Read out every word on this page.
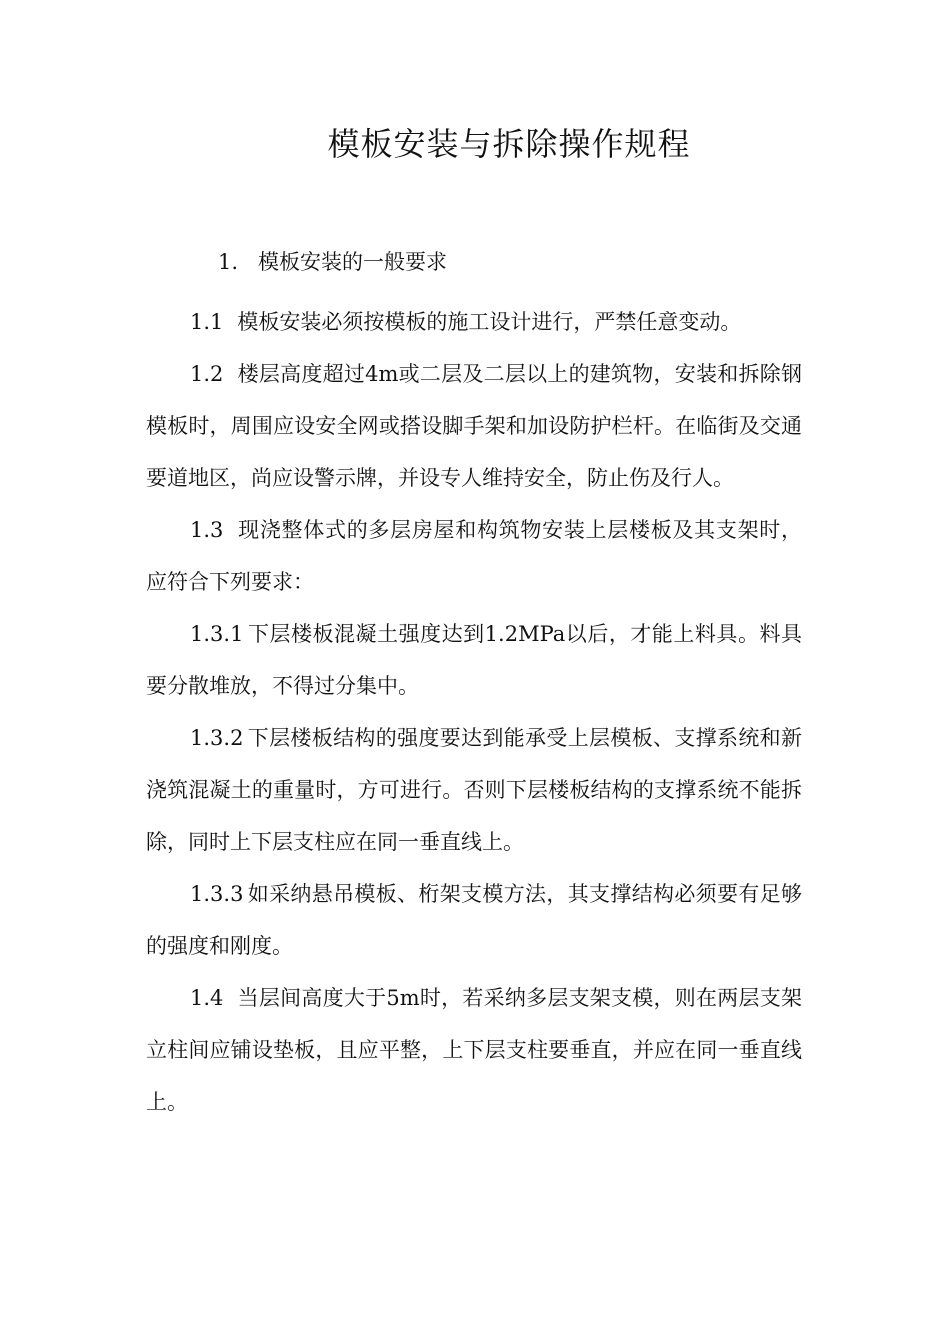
模板安装与拆除操作规程
1. 模板安装的一般要求

1.1 模板安装必须按模板的施工设计进行，严禁任意变动。

1.2 楼层高度超过4m或二层及二层以上的建筑物，安装和拆除钢模板时，周围应设安全网或搭设脚手架和加设防护栏杆。在临街及交通要道地区，尚应设警示牌，并设专人维持安全，防止伤及行人。

1.3 现浇整体式的多层房屋和构筑物安装上层楼板及其支架时，应符合下列要求：

1.3.1 下层楼板混凝土强度达到1.2MPa以后，才能上料具。料具要分散堆放，不得过分集中。

1.3.2 下层楼板结构的强度要达到能承受上层模板、支撑系统和新浇筑混凝土的重量时，方可进行。否则下层楼板结构的支撑系统不能拆除，同时上下层支柱应在同一垂直线上。

1.3.3 如采纳悬吊模板、桁架支模方法，其支撑结构必须要有足够的强度和刚度。

1.4 当层间高度大于5m时，若采纳多层支架支模，则在两层支架立柱间应铺设垫板，且应平整，上下层支柱要垂直，并应在同一垂直线上。
